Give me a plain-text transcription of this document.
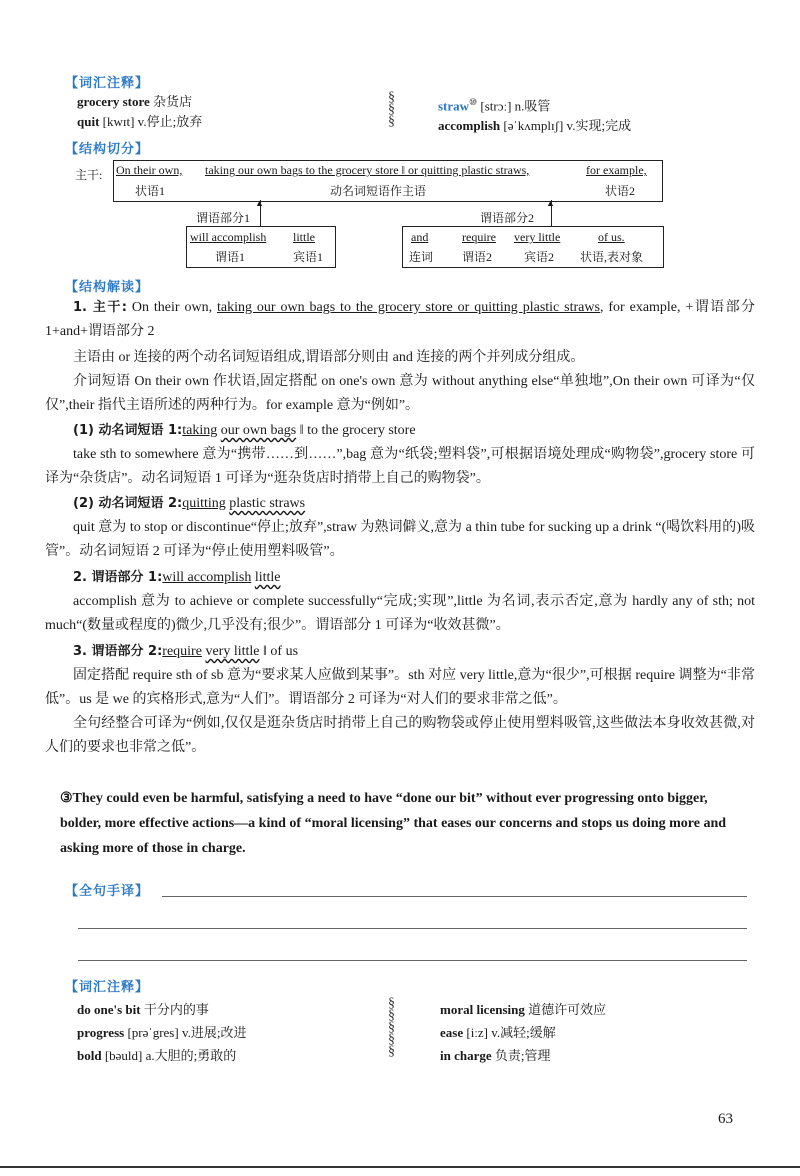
【词汇注释】
grocery store 杂货店
quit [kwɪt] v.停止;放弃
§
§
§
straw⑩ [strɔː] n.吸管
accomplish [əˈkʌmplɪʃ] v.实现;完成
【结构切分】
主干: On their own,
状语1
taking our own bags to the grocery store ‖ or quitting plastic straws,
动名词短语作主语
for example,
状语2
▲
谓语部分1
▲
谓语部分2
will accomplish
谓语1
little
宾语1
and
连词
require
谓语2
very little
宾语2
of us.
状语,表对象
【结构解读】
1. 主干: On their own, taking our own bags to the grocery store or quitting plastic straws, for example, +谓语部分 1+and+谓语部分 2
主语由 or 连接的两个动名词短语组成,谓语部分则由 and 连接的两个并列成分组成。
介词短语 On their own 作状语,固定搭配 on one's own 意为 without anything else“单独地”,On their own 可译为“仅仅”,their 指代主语所述的两种行为。for example 意为“例如”。
(1) 动名词短语 1:taking our own bags ‖ to the grocery store
take sth to somewhere 意为“携带……到……”,bag 意为“纸袋;塑料袋”,可根据语境处理成“购物袋”,grocery store 可译为“杂货店”。动名词短语 1 可译为“逛杂货店时捎带上自己的购物袋”。
(2) 动名词短语 2:quitting plastic straws
quit 意为 to stop or discontinue“停止;放弃”,straw 为熟词僻义,意为 a thin tube for sucking up a drink “(喝饮料用的)吸管”。动名词短语 2 可译为“停止使用塑料吸管”。
2. 谓语部分 1:will accomplish little
accomplish 意为 to achieve or complete successfully“完成;实现”,little 为名词,表示否定,意为 hardly any of sth; not much“(数量或程度的)微少,几乎没有;很少”。谓语部分 1 可译为“收效甚微”。
3. 谓语部分 2:require very little ‖ of us
固定搭配 require sth of sb 意为“要求某人应做到某事”。sth 对应 very little,意为“很少”,可根据 require 调整为“非常低”。us 是 we 的宾格形式,意为“人们”。谓语部分 2 可译为“对人们的要求非常之低”。
全句经整合可译为“例如,仅仅是逛杂货店时捎带上自己的购物袋或停止使用塑料吸管,这些做法本身收效甚微,对人们的要求也非常之低”。
③They could even be harmful, satisfying a need to have “done our bit” without ever progressing onto bigger, bolder, more effective actions—a kind of “moral licensing” that eases our concerns and stops us doing more and asking more of those in charge.
【全句手译】
【词汇注释】
do one's bit 干分内的事
progress [prəˈgres] v.进展;改进
bold [bəuld] a.大胆的;勇敢的
§
§
§
§
§
moral licensing 道德许可效应
ease [iːz] v.减轻;缓解
in charge 负责;管理
63
